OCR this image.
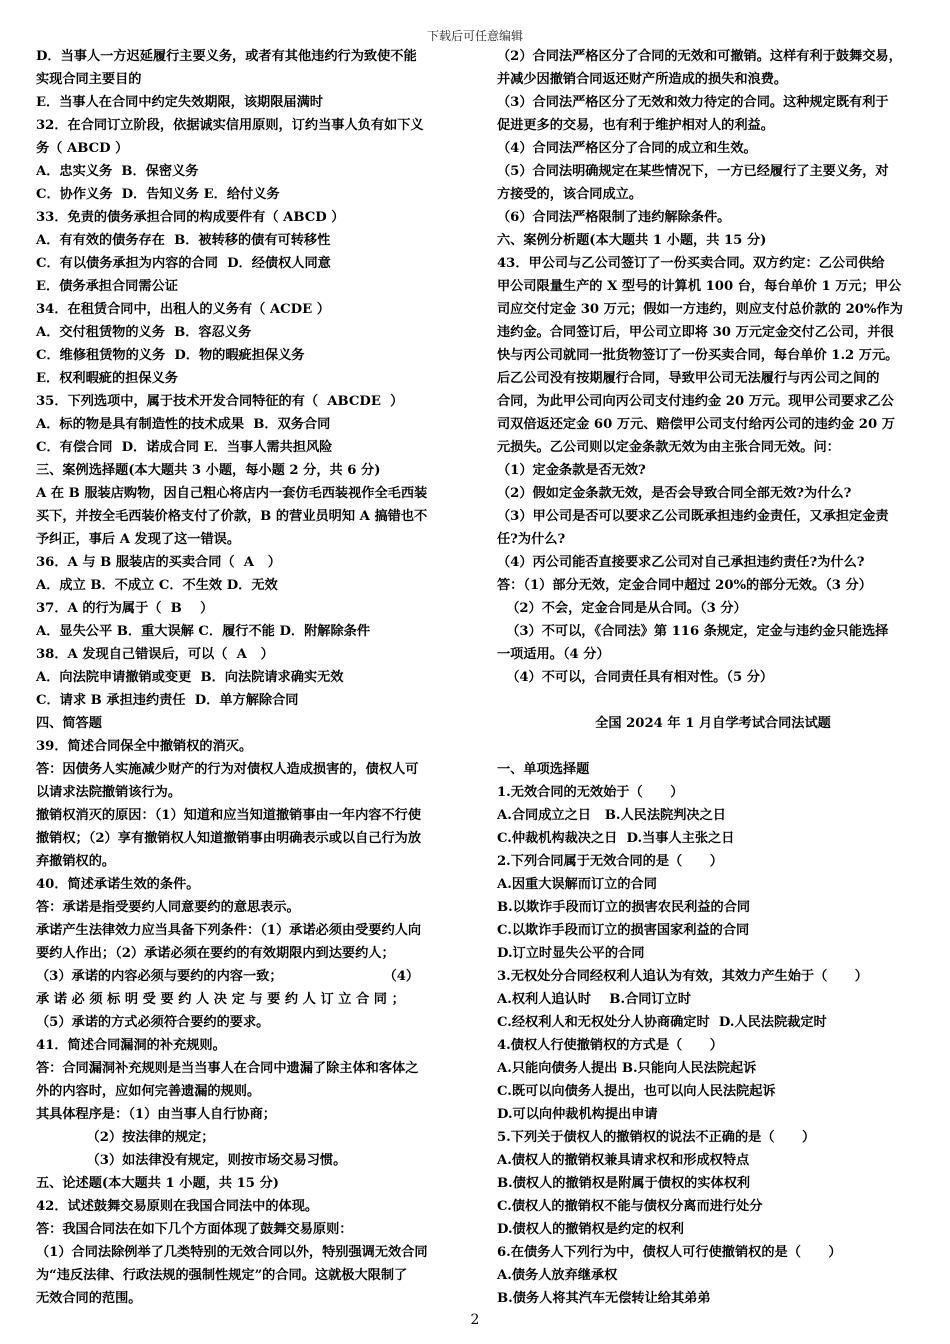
下载后可任意编辑
D．当事人一方迟延履行主要义务，或者有其他违约行为致使不能
实现合同主要目的
E．当事人在合同中约定失效期限，该期限届满时
32．在合同订立阶段，依据诚实信用原则，订约当事人负有如下义
务（ ABCD ）
A．忠实义务  B．保密义务
C．协作义务  D．告知义务 E．给付义务
33．免责的债务承担合同的构成要件有（ ABCD ）
A．有有效的债务存在  B．被转移的债有可转移性
C．有以债务承担为内容的合同  D．经债权人同意
E．债务承担合同需公证
34．在租赁合同中，出租人的义务有（ ACDE ）
A．交付租赁物的义务  B．容忍义务
C．维修租赁物的义务  D．物的暇疵担保义务
E．权利暇疵的担保义务
35．下列选项中，属于技术开发合同特征的有（  ABCDE  ）
A．标的物是具有制造性的技术成果  B．双务合同
C．有偿合同  D．诺成合同 E．当事人需共担风险
三、案例选择题(本大题共 3 小题，每小题 2 分，共 6 分)
A 在 B 服装店购物，因自己粗心将店内一套仿毛西装视作全毛西装
买下，并按全毛西装价格支付了价款，B 的营业员明知 A 搞错也不
予纠正，事后 A 发现了这一错误。
36．A 与 B 服装店的买卖合同（  A   ）
A．成立 B．不成立 C．不生效 D．无效
37．A 的行为属于（  B    ）
A．显失公平 B．重大误解 C．履行不能 D．附解除条件
38．A 发现自己错误后，可以（  A   ）
A．向法院申请撤销或变更  B．向法院请求确实无效
C．请求 B 承担违约责任  D．单方解除合同
四、简答题
39．简述合同保全中撤销权的消灭。
答：因债务人实施减少财产的行为对债权人造成损害的，债权人可
以请求法院撤销该行为。
撤销权消灭的原因：（1）知道和应当知道撤销事由一年内容不行使
撤销权；（2）享有撤销权人知道撤销事由明确表示或以自己行为放
弃撤销权的。
40．简述承诺生效的条件。
答：承诺是指受要约人同意要约的意思表示。
承诺产生法律效力应当具备下列条件：（1）承诺必须由受要约人向
要约人作出；（2）承诺必须在要约的有效期限内到达要约人；
（3）承诺的内容必须与要约的内容一致；                      （4）
承 诺 必 须 标 明 受 要 约 人 决 定 与 要 约 人 订 立 合 同 ；
（5）承诺的方式必须符合要约的要求。
41．简述合同漏洞的补充规则。
答：合同漏洞补充规则是当当事人在合同中遗漏了除主体和客体之
外的内容时，应如何完善遗漏的规则。
其具体程序是：（1）由当事人自行协商；
（2）按法律的规定；
（3）如法律没有规定，则按市场交易习惯。
五、论述题(本大题共 1 小题，共 15 分)
42．试述鼓舞交易原则在我国合同法中的体现。
答：我国合同法在如下几个方面体现了鼓舞交易原则：
（1）合同法除例举了几类特别的无效合同以外，特别强调无效合同
为“违反法律、行政法规的强制性规定”的合同。这就极大限制了
无效合同的范围。
（2）合同法严格区分了合同的无效和可撤销。这样有利于鼓舞交易，
并减少因撤销合同返还财产所造成的损失和浪费。
（3）合同法严格区分了无效和效力待定的合同。这种规定既有利于
促进更多的交易，也有利于维护相对人的利益。
（4）合同法严格区分了合同的成立和生效。
（5）合同法明确规定在某些情况下，一方已经履行了主要义务，对
方接受的，该合同成立。
（6）合同法严格限制了违约解除条件。
六、案例分析题(本大题共 1 小题，共 15 分)
43．甲公司与乙公司签订了一份买卖合同。双方约定：乙公司供给
甲公司限量生产的 X 型号的计算机 100 台，每台单价 1 万元；甲公
司应交付定金 30 万元；假如一方违约，则应支付总价款的 20%作为
违约金。合同签订后，甲公司立即将 30 万元定金交付乙公司，并很
快与丙公司就同一批货物签订了一份买卖合同，每台单价 1.2 万元。
后乙公司没有按期履行合同，导致甲公司无法履行与丙公司之间的
合同，为此甲公司向丙公司支付违约金 20 万元。现甲公司要求乙公
司双倍返还定金 60 万元、赔偿甲公司支付给丙公司的违约金 20 万
元损失。乙公司则以定金条款无效为由主张合同无效。问：
（1）定金条款是否无效?
（2）假如定金条款无效，是否会导致合同全部无效?为什么?
（3）甲公司是否可以要求乙公司既承担违约金责任，又承担定金责
任?为什么?
（4）丙公司能否直接要求乙公司对自己承担违约责任?为什么?
答：（1）部分无效，定金合同中超过 20%的部分无效。（3 分）
（2）不会，定金合同是从合同。（3 分）
（3）不可以，《合同法》第 116 条规定，定金与违约金只能选择
一项适用。（4 分）
（4）不可以，合同责任具有相对性。（5 分）
全国 2024 年 1 月自学考试合同法试题
一、单项选择题
1.无效合同的无效始于（      ）
A.合同成立之日   B.人民法院判决之日
C.仲裁机构裁决之日  D.当事人主张之日
2.下列合同属于无效合同的是（      ）
A.因重大误解而订立的合同
B.以欺诈手段而订立的损害农民利益的合同
C.以欺诈手段而订立的损害国家利益的合同
D.订立时显失公平的合同
3.无权处分合同经权利人追认为有效，其效力产生始于（      ）
A.权利人追认时    B.合同订立时
C.经权利人和无权处分人协商确定时  D.人民法院裁定时
4.债权人行使撤销权的方式是（      ）
A.只能向债务人提出 B.只能向人民法院起诉
C.既可以向债务人提出，也可以向人民法院起诉
D.可以向仲裁机构提出申请
5.下列关于债权人的撤销权的说法不正确的是（      ）
A.债权人的撤销权兼具请求权和形成权特点
B.债权人的撤销权是附属于债权的实体权利
C.债权人的撤销权不能与债权分离而进行处分
D.债权人的撤销权是约定的权利
6.在债务人下列行为中，债权人可行使撤销权的是（      ）
A.债务人放弃继承权
B.债务人将其汽车无偿转让给其弟弟
2
